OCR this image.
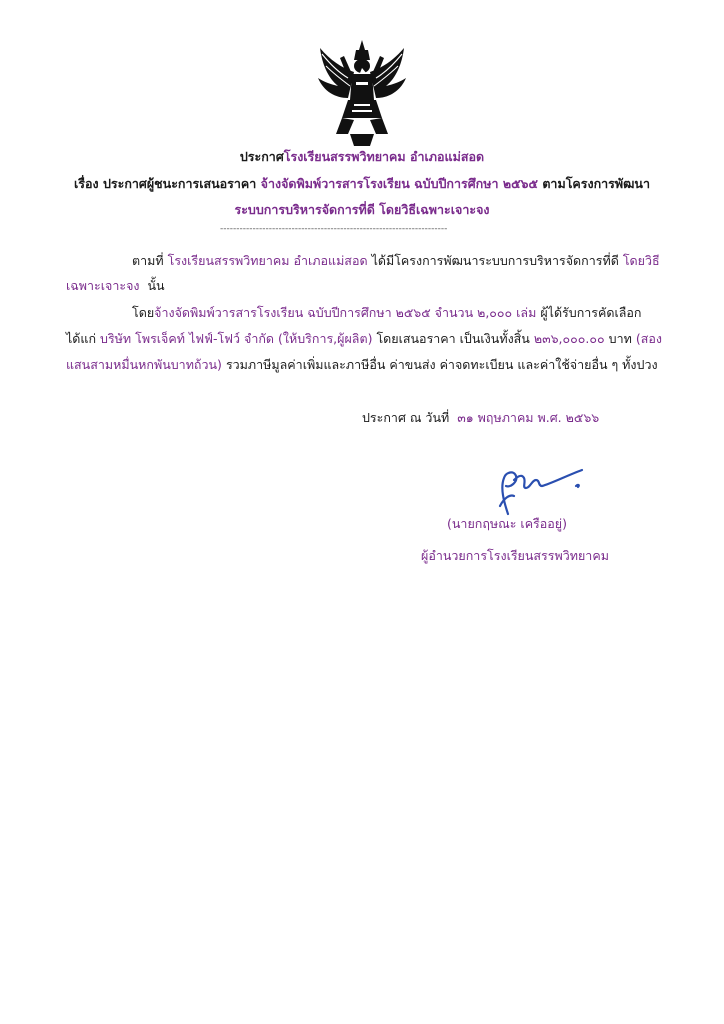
ประกาศโรงเรียนสรรพวิทยาคม อำเภอแม่สอด
เรื่อง ประกาศผู้ชนะการเสนอราคา จ้างจัดพิมพ์วารสารโรงเรียน ฉบับปีการศึกษา ๒๕๖๕ ตามโครงการพัฒนา
ระบบการบริหารจัดการที่ดี โดยวิธีเฉพาะเจาะจง
----------------------------------------------------------------------
ตามที่ โรงเรียนสรรพวิทยาคม อำเภอแม่สอด ได้มีโครงการพัฒนาระบบการบริหารจัดการที่ดี โดยวิธี
เฉพาะเจาะจง นั้น
โดยจ้างจัดพิมพ์วารสารโรงเรียน ฉบับปีการศึกษา ๒๕๖๕ จำนวน ๒,๐๐๐ เล่ม ผู้ได้รับการคัดเลือก
ได้แก่ บริษัท โพรเจ็คท์ ไฟฟ์-โฟว์ จำกัด (ให้บริการ,ผู้ผลิต) โดยเสนอราคา เป็นเงินทั้งสิ้น ๒๓๖,๐๐๐.๐๐ บาท (สอง
แสนสามหมื่นหกพันบาทถ้วน) รวมภาษีมูลค่าเพิ่มและภาษีอื่น ค่าขนส่ง ค่าจดทะเบียน และค่าใช้จ่ายอื่น ๆ ทั้งปวง
ประกาศ ณ วันที่ ๓๑ พฤษภาคม พ.ศ. ๒๕๖๖
(นายกฤษณะ เครืออยู่)
ผู้อำนวยการโรงเรียนสรรพวิทยาคม
